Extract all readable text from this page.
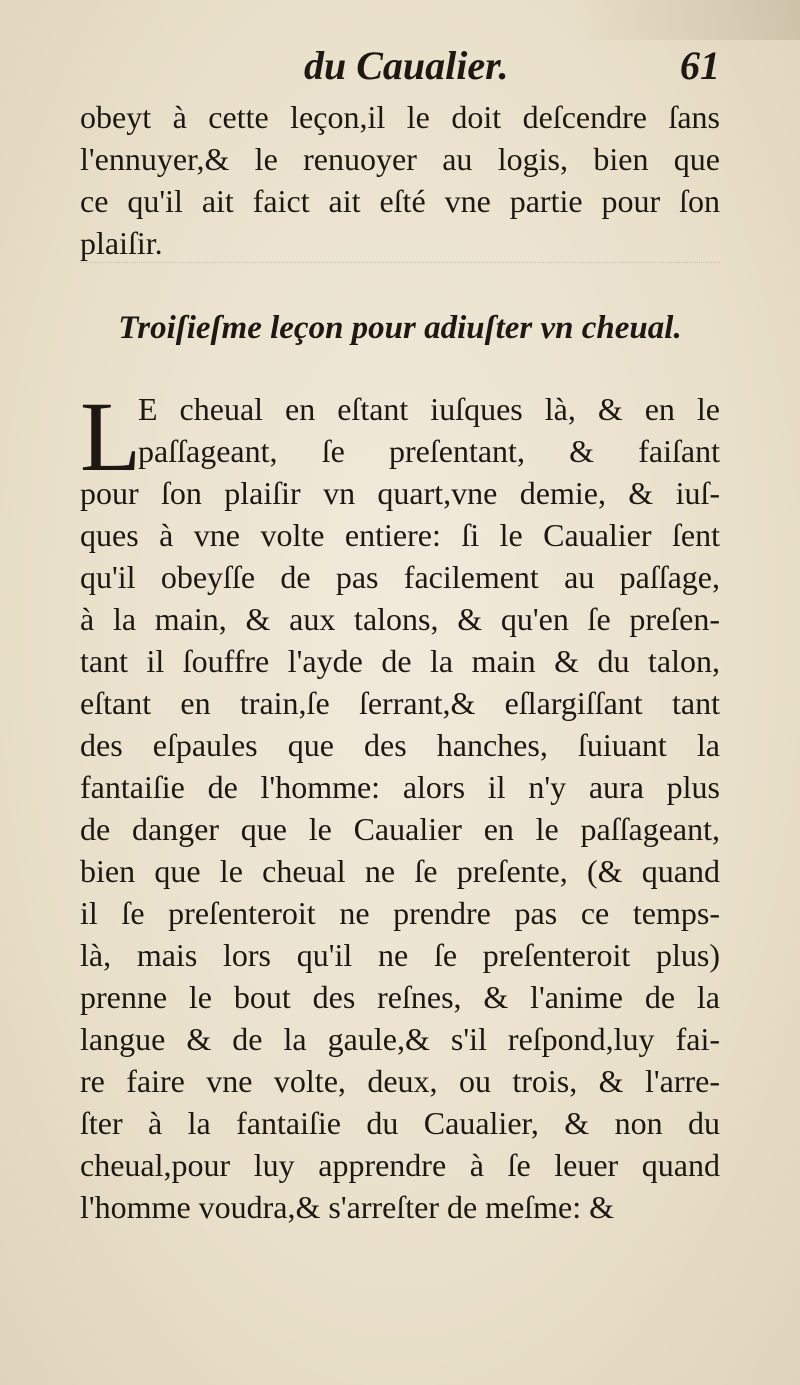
du Caualier.	61
obeyt à cette leçon,il le doit deſcendre ſans
l'ennuyer,& le renuoyer au logis, bien que
ce qu'il ait faict ait eſté vne partie pour ſon
plaiſir.
Troiſieſme leçon pour adiuſter vn cheual.
L
E cheual en eſtant iuſques là, & en le
paſſageant, ſe preſentant, & faiſant
pour ſon plaiſir vn quart,vne demie, & iuſ-
ques à vne volte entiere: ſi le Caualier ſent
qu'il obeyſſe de pas facilement au paſſage,
à la main, & aux talons, & qu'en ſe preſen-
tant il ſouffre l'ayde de la main & du talon,
eſtant en train,ſe ſerrant,& eſlargiſſant tant
des eſpaules que des hanches, ſuiuant la
fantaiſie de l'homme: alors il n'y aura plus
de danger que le Caualier en le paſſageant,
bien que le cheual ne ſe preſente, (& quand
il ſe preſenteroit ne prendre pas ce temps-
là, mais lors qu'il ne ſe preſenteroit plus)
prenne le bout des reſnes, & l'anime de la
langue & de la gaule,& s'il reſpond,luy fai-
re faire vne volte, deux, ou trois, & l'arre-
ſter à la fantaiſie du Caualier, & non du
cheual,pour luy apprendre à ſe leuer quand
l'homme voudra,& s'arreſter de meſme: &
